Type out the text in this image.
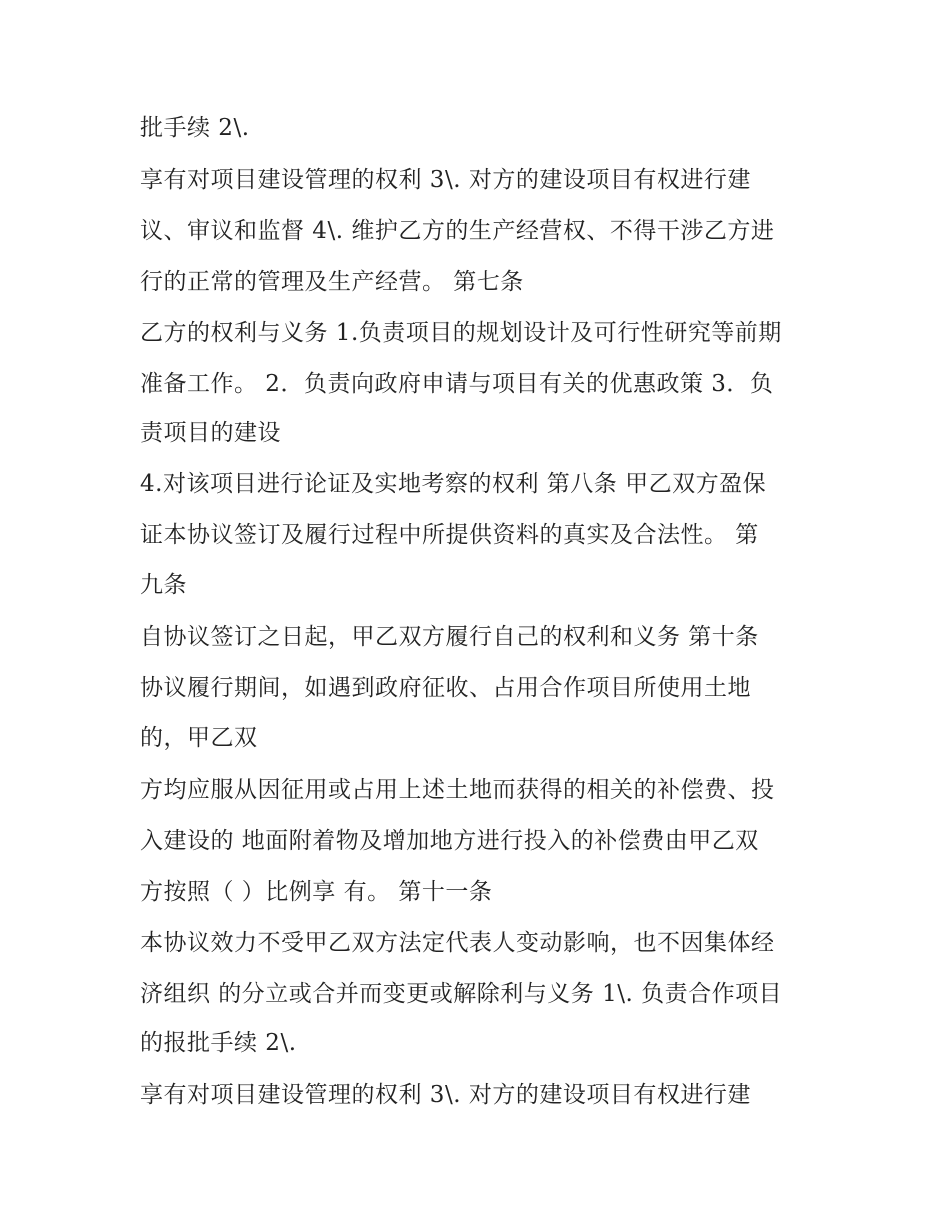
批手续 2\.
享有对项目建设管理的权利 3\. 对方的建设项目有权进行建
议、审议和监督 4\. 维护乙方的生产经营权、不得干涉乙方进
行的正常的管理及生产经营。 第七条
乙方的权利与义务 1.负责项目的规划设计及可行性研究等前期
准备工作。 2．负责向政府申请与项目有关的优惠政策 3．负
责项目的建设
4.对该项目进行论证及实地考察的权利 第八条 甲乙双方盈保
证本协议签订及履行过程中所提供资料的真实及合法性。 第
九条
自协议签订之日起，甲乙双方履行自己的权利和义务 第十条
协议履行期间，如遇到政府征收、占用合作项目所使用土地
的，甲乙双
方均应服从因征用或占用上述土地而获得的相关的补偿费、投
入建设的 地面附着物及增加地方进行投入的补偿费由甲乙双
方按照（ ）比例享 有。 第十一条
本协议效力不受甲乙双方法定代表人变动影响，也不因集体经
济组织 的分立或合并而变更或解除利与义务 1\. 负责合作项目
的报批手续 2\.
享有对项目建设管理的权利 3\. 对方的建设项目有权进行建
